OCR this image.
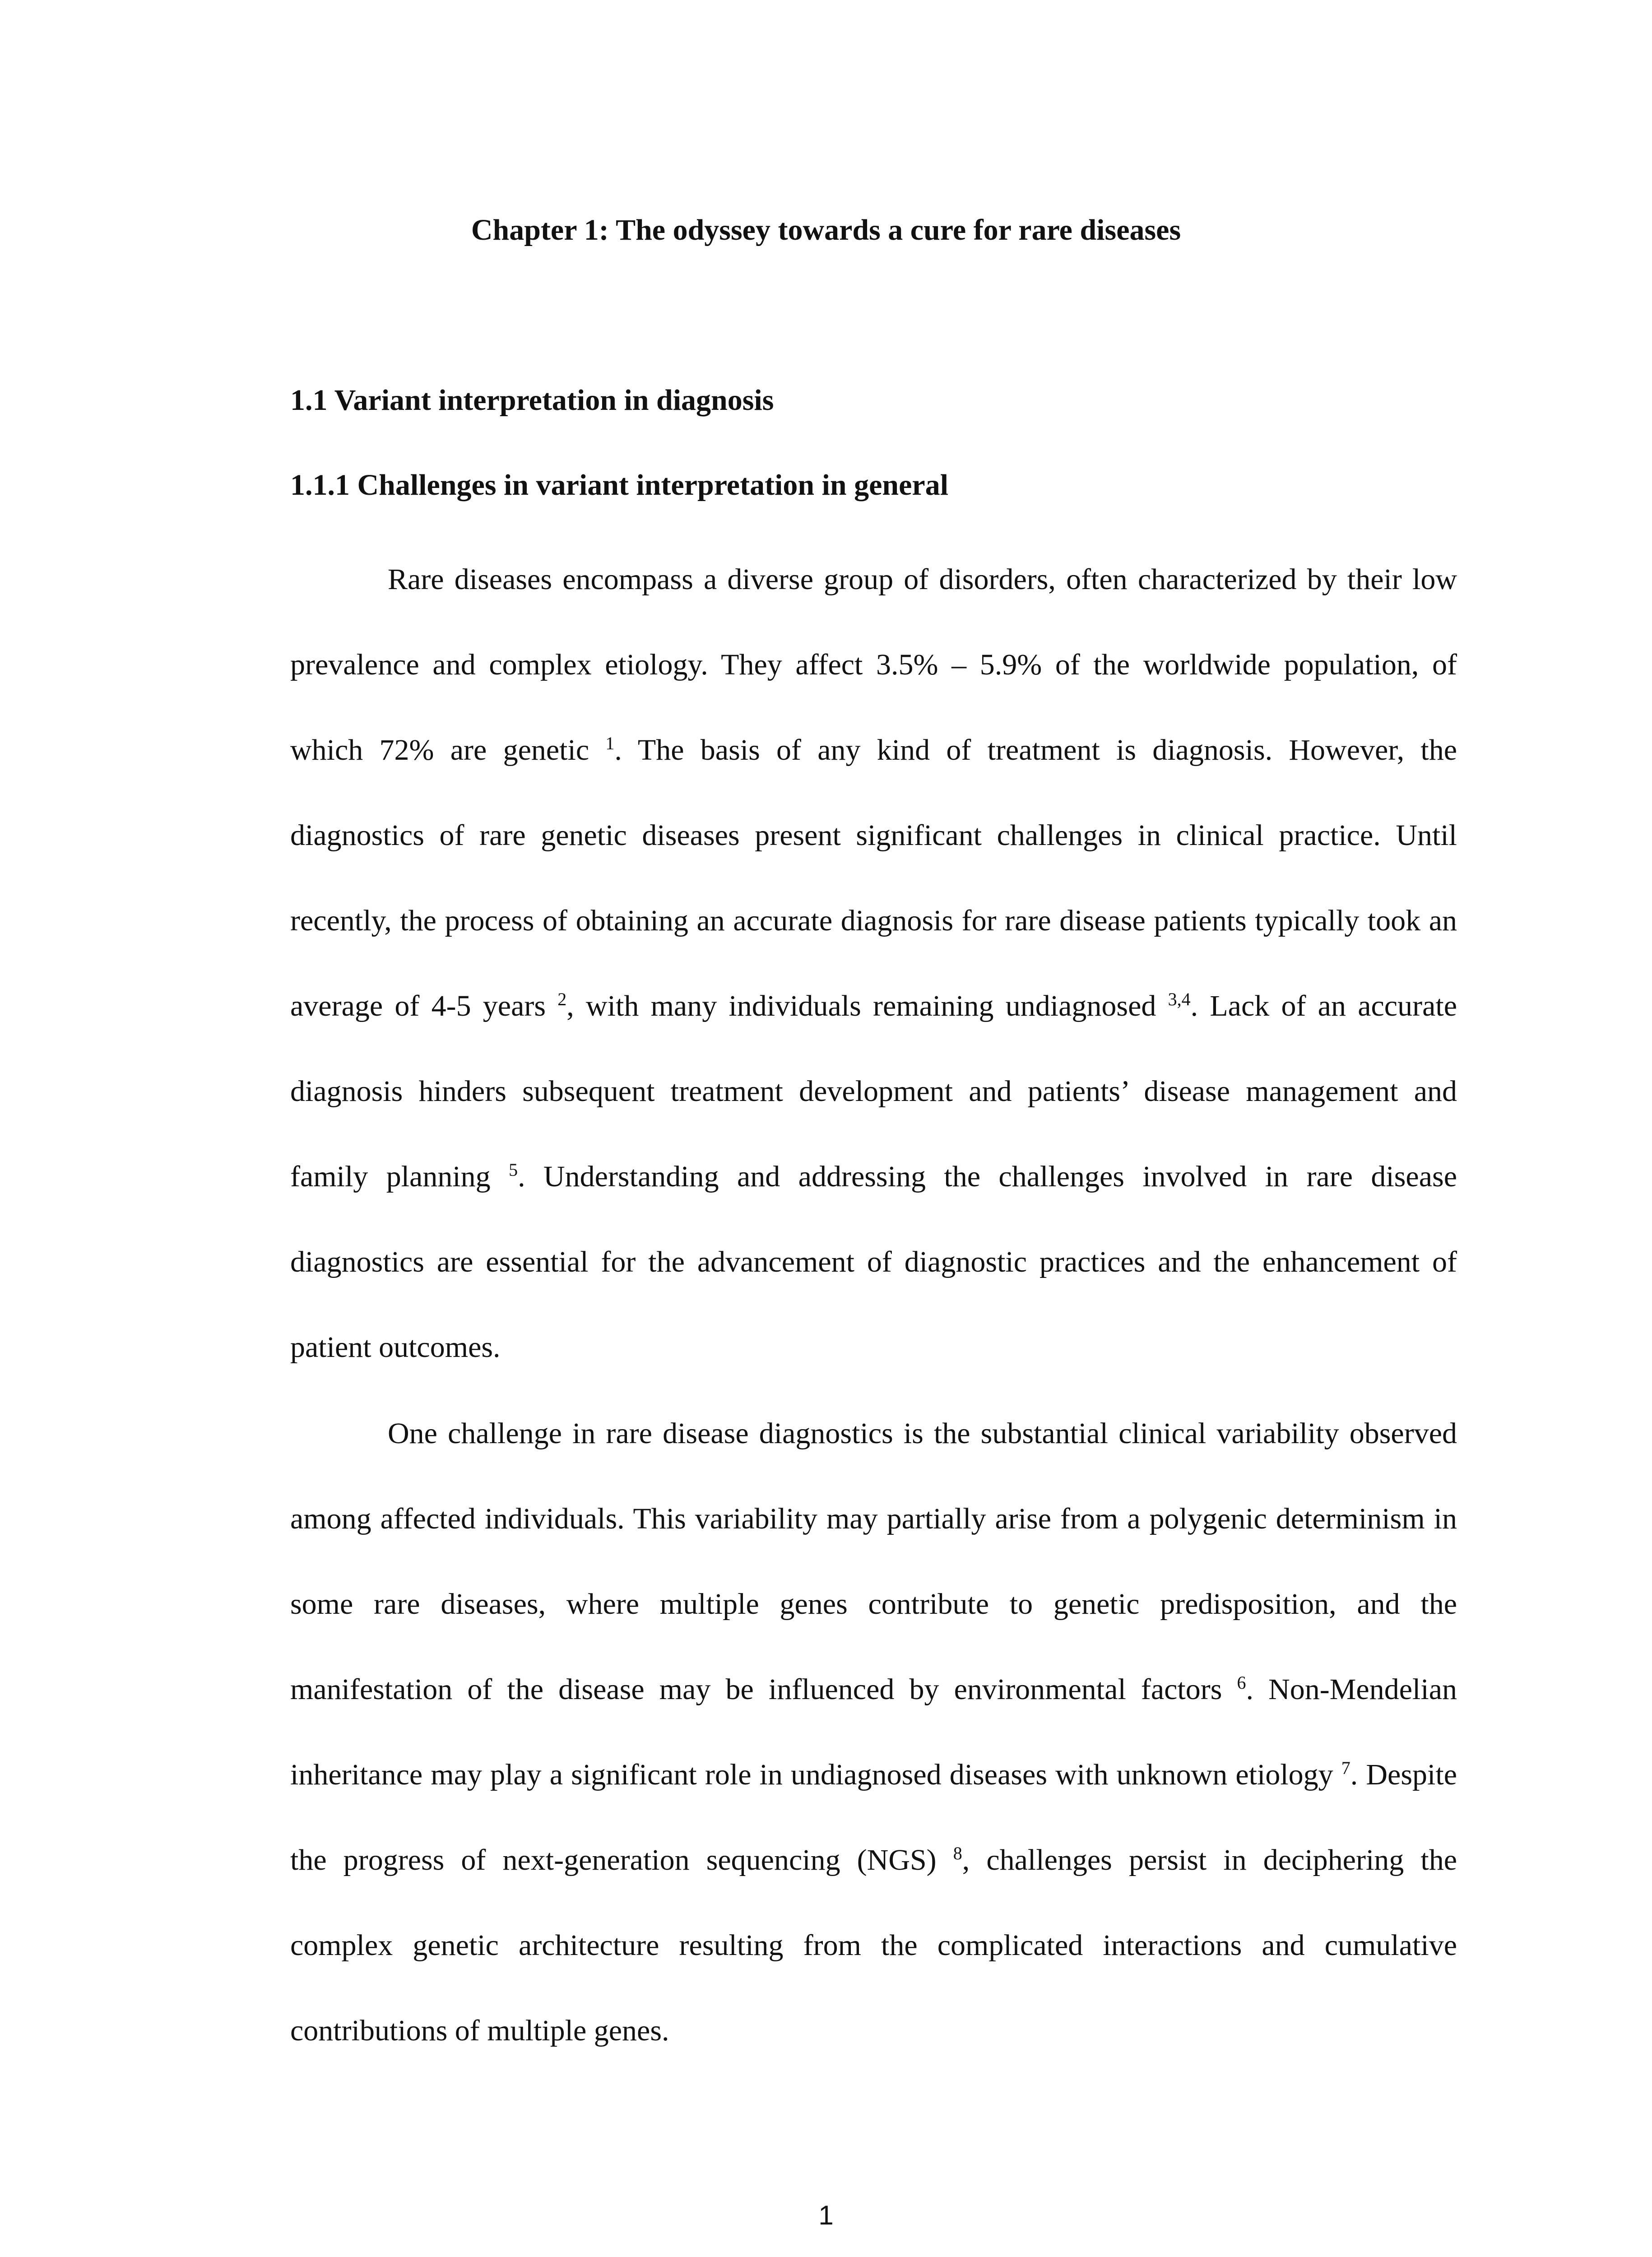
Chapter 1: The odyssey towards a cure for rare diseases
1.1 Variant interpretation in diagnosis
1.1.1 Challenges in variant interpretation in general

Rare diseases encompass a diverse group of disorders, often characterized by their low prevalence and complex etiology. They affect 3.5% – 5.9% of the worldwide population, of which 72% are genetic $^1$. The basis of any kind of treatment is diagnosis. However, the diagnostics of rare genetic diseases present significant challenges in clinical practice. Until recently, the process of obtaining an accurate diagnosis for rare disease patients typically took an average of 4-5 years $^2$, with many individuals remaining undiagnosed $^{3,4}$. Lack of an accurate diagnosis hinders subsequent treatment development and patients’ disease management and family planning $^5$. Understanding and addressing the challenges involved in rare disease diagnostics are essential for the advancement of diagnostic practices and the enhancement of patient outcomes.

One challenge in rare disease diagnostics is the substantial clinical variability observed among affected individuals. This variability may partially arise from a polygenic determinism in some rare diseases, where multiple genes contribute to genetic predisposition, and the manifestation of the disease may be influenced by environmental factors $^6$. Non-Mendelian inheritance may play a significant role in undiagnosed diseases with unknown etiology $^7$. Despite the progress of next-generation sequencing (NGS) $^8$, challenges persist in deciphering the complex genetic architecture resulting from the complicated interactions and cumulative contributions of multiple genes.

1
